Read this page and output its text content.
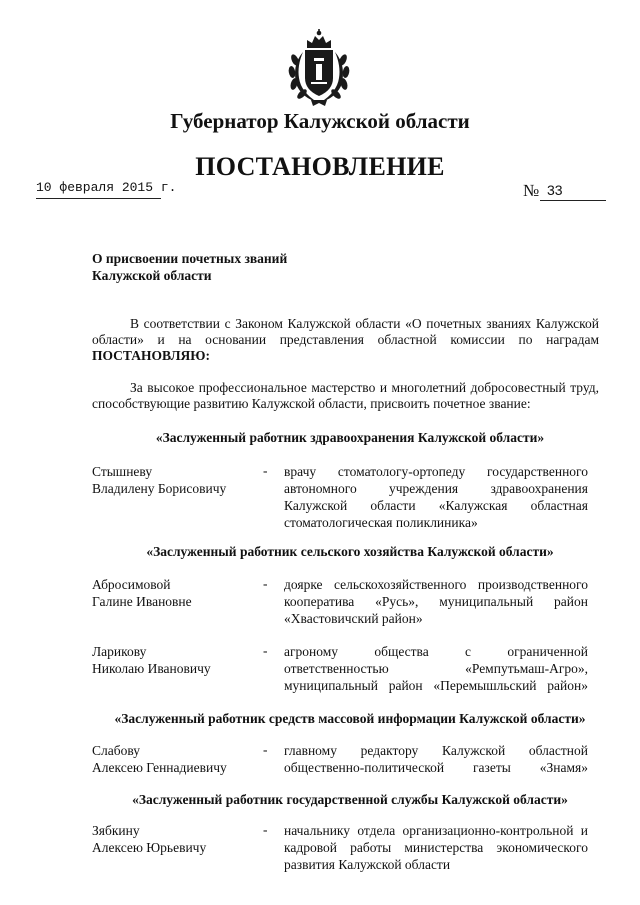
Губернатор Калужской области
ПОСТАНОВЛЕНИЕ
10 февраля 2015 г.	№ 33
О присвоении почетных званий
Калужской области
В соответствии с Законом Калужской области «О почетных званиях Калужской области» и на основании представления областной комиссии по наградам ПОСТАНОВЛЯЮ:
За высокое профессиональное мастерство и многолетний добросовестный труд, способствующие развитию Калужской области, присвоить почетное звание:
«Заслуженный работник здравоохранения Калужской области»
Стышневу
Владилену Борисовичу
- врачу стоматологу-ортопеду государственного автономного учреждения здравоохранения Калужской области «Калужская областная стоматологическая поликлиника»
«Заслуженный работник сельского хозяйства Калужской области»
Абросимовой
Галине Ивановне
- доярке сельскохозяйственного производственного кооператива «Русь», муниципальный район «Хвастовичский район»
Ларикову
Николаю Ивановичу
- агроному общества с ограниченной ответственностью «Ремпутьмаш-Агро», муниципальный район «Перемышльский район»
«Заслуженный работник средств массовой информации Калужской области»
Слабову
Алексею Геннадиевичу
- главному редактору Калужской областной общественно-политической газеты «Знамя»
«Заслуженный работник государственной службы Калужской области»
Зябкину
Алексею Юрьевичу
- начальнику отдела организационно-контрольной и кадровой работы министерства экономического развития Калужской области
